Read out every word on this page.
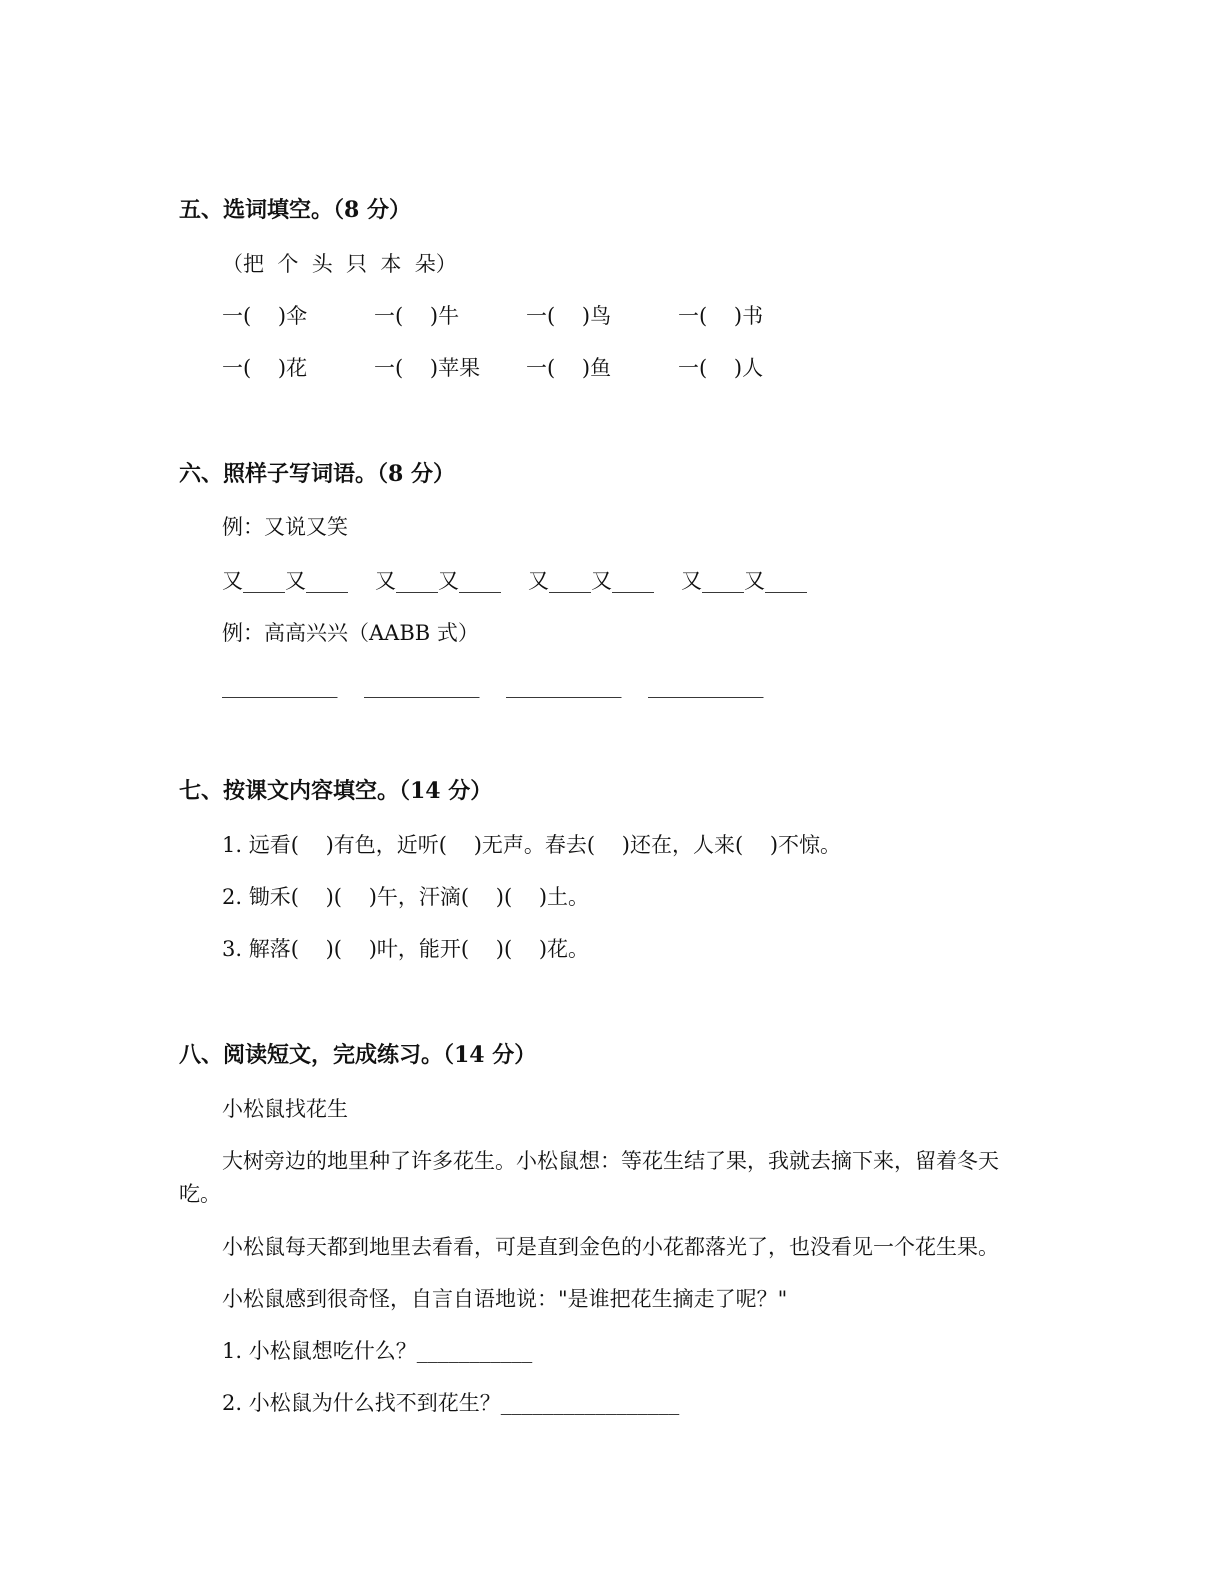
五、选词填空。（8 分）

（把  个  头  只  本  朵）

一(    )伞	一(    )牛	一(    )鸟	一(    )书
一(    )花	一(    )苹果	一(    )鱼	一(    )人

六、照样子写词语。（8 分）

例：又说又笑

又____又____	又____又____	又____又____	又____又____

例：高高兴兴（AABB 式）

___________	___________	___________	___________

七、按课文内容填空。（14 分）

1. 远看(    )有色，近听(    )无声。春去(    )还在，人来(    )不惊。

2. 锄禾(    )(    )午，汗滴(    )(    )土。

3. 解落(    )(    )叶，能开(    )(    )花。

八、阅读短文，完成练习。（14 分）

小松鼠找花生

大树旁边的地里种了许多花生。小松鼠想：等花生结了果，我就去摘下来，留着冬天

吃。

小松鼠每天都到地里去看看，可是直到金色的小花都落光了，也没看见一个花生果。

小松鼠感到很奇怪，自言自语地说："是谁把花生摘走了呢？"

1. 小松鼠想吃什么？___________

2. 小松鼠为什么找不到花生？_________________
